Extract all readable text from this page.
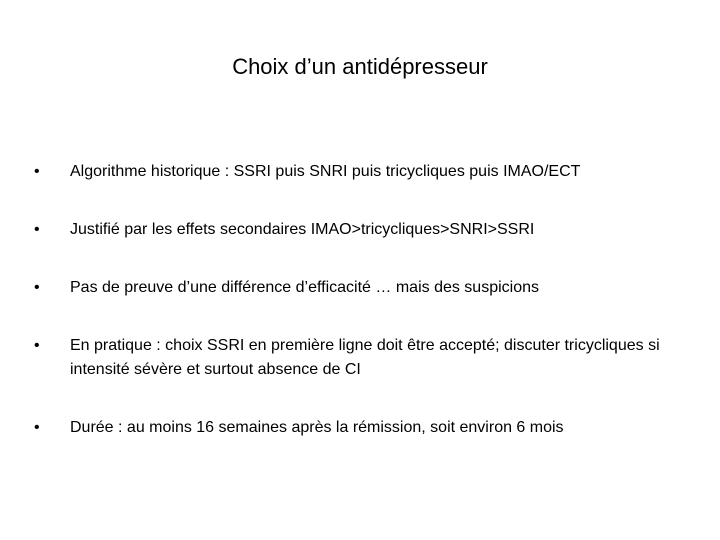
Choix d’un antidépresseur
•	Algorithme historique : SSRI puis SNRI puis tricycliques puis IMAO/ECT
•	Justifié par les effets secondaires IMAO>tricycliques>SNRI>SSRI
•	Pas de preuve d’une différence d’efficacité … mais des suspicions
•	En pratique : choix SSRI en première ligne doit être accepté; discuter tricycliques si intensité sévère et surtout absence de CI
•	Durée : au moins 16 semaines après la rémission, soit environ 6 mois
